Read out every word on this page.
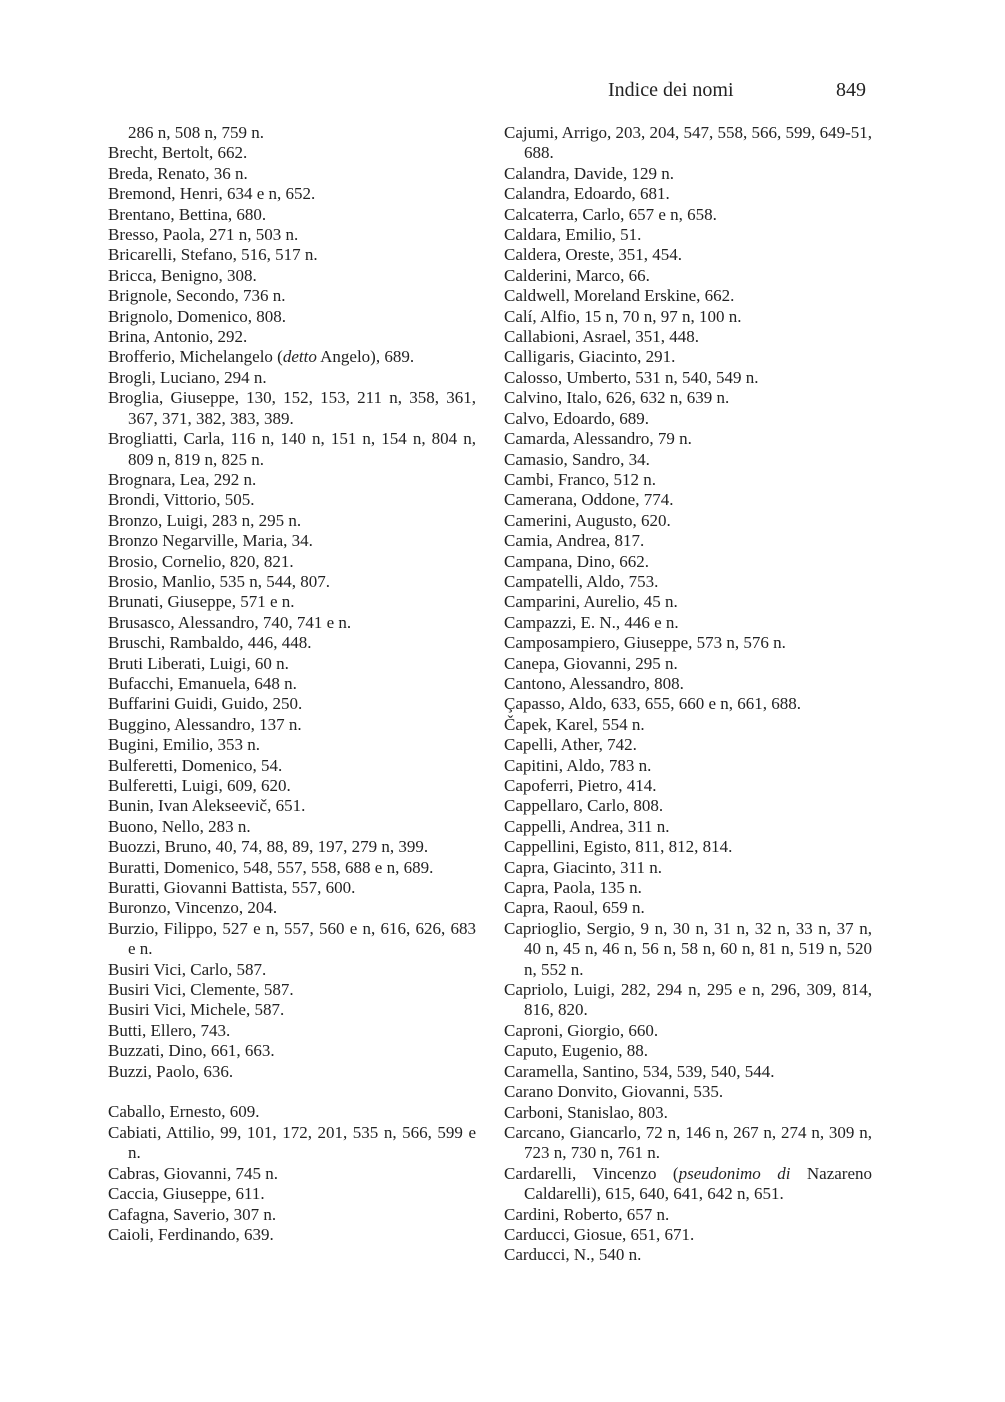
Indice dei nomi	849
286 n, 508 n, 759 n.
Brecht, Bertolt, 662.
Breda, Renato, 36 n.
Bremond, Henri, 634 e n, 652.
Brentano, Bettina, 680.
Bresso, Paola, 271 n, 503 n.
Bricarelli, Stefano, 516, 517 n.
Bricca, Benigno, 308.
Brignole, Secondo, 736 n.
Brignolo, Domenico, 808.
Brina, Antonio, 292.
Brofferio, Michelangelo (detto Angelo), 689.
Brogli, Luciano, 294 n.
Broglia, Giuseppe, 130, 152, 153, 211 n, 358, 361, 367, 371, 382, 383, 389.
Brogliatti, Carla, 116 n, 140 n, 151 n, 154 n, 804 n, 809 n, 819 n, 825 n.
Brognara, Lea, 292 n.
Brondi, Vittorio, 505.
Bronzo, Luigi, 283 n, 295 n.
Bronzo Negarville, Maria, 34.
Brosio, Cornelio, 820, 821.
Brosio, Manlio, 535 n, 544, 807.
Brunati, Giuseppe, 571 e n.
Brusasco, Alessandro, 740, 741 e n.
Bruschi, Rambaldo, 446, 448.
Bruti Liberati, Luigi, 60 n.
Bufacchi, Emanuela, 648 n.
Buffarini Guidi, Guido, 250.
Buggino, Alessandro, 137 n.
Bugini, Emilio, 353 n.
Bulferetti, Domenico, 54.
Bulferetti, Luigi, 609, 620.
Bunin, Ivan Alekseevič, 651.
Buono, Nello, 283 n.
Buozzi, Bruno, 40, 74, 88, 89, 197, 279 n, 399.
Buratti, Domenico, 548, 557, 558, 688 e n, 689.
Buratti, Giovanni Battista, 557, 600.
Buronzo, Vincenzo, 204.
Burzio, Filippo, 527 e n, 557, 560 e n, 616, 626, 683 e n.
Busiri Vici, Carlo, 587.
Busiri Vici, Clemente, 587.
Busiri Vici, Michele, 587.
Butti, Ellero, 743.
Buzzati, Dino, 661, 663.
Buzzi, Paolo, 636.
Caballo, Ernesto, 609.
Cabiati, Attilio, 99, 101, 172, 201, 535 n, 566, 599 e n.
Cabras, Giovanni, 745 n.
Caccia, Giuseppe, 611.
Cafagna, Saverio, 307 n.
Caioli, Ferdinando, 639.
Cajumi, Arrigo, 203, 204, 547, 558, 566, 599, 649-51, 688.
Calandra, Davide, 129 n.
Calandra, Edoardo, 681.
Calcaterra, Carlo, 657 e n, 658.
Caldara, Emilio, 51.
Caldera, Oreste, 351, 454.
Calderini, Marco, 66.
Caldwell, Moreland Erskine, 662.
Calí, Alfio, 15 n, 70 n, 97 n, 100 n.
Callabioni, Asrael, 351, 448.
Calligaris, Giacinto, 291.
Calosso, Umberto, 531 n, 540, 549 n.
Calvino, Italo, 626, 632 n, 639 n.
Calvo, Edoardo, 689.
Camarda, Alessandro, 79 n.
Camasio, Sandro, 34.
Cambi, Franco, 512 n.
Camerana, Oddone, 774.
Camerini, Augusto, 620.
Camia, Andrea, 817.
Campana, Dino, 662.
Campatelli, Aldo, 753.
Camparini, Aurelio, 45 n.
Campazzi, E. N., 446 e n.
Camposampiero, Giuseppe, 573 n, 576 n.
Canepa, Giovanni, 295 n.
Cantono, Alessandro, 808.
Çapasso, Aldo, 633, 655, 660 e n, 661, 688.
Čapek, Karel, 554 n.
Capelli, Ather, 742.
Capitini, Aldo, 783 n.
Capoferri, Pietro, 414.
Cappellaro, Carlo, 808.
Cappelli, Andrea, 311 n.
Cappellini, Egisto, 811, 812, 814.
Capra, Giacinto, 311 n.
Capra, Paola, 135 n.
Capra, Raoul, 659 n.
Caprioglio, Sergio, 9 n, 30 n, 31 n, 32 n, 33 n, 37 n, 40 n, 45 n, 46 n, 56 n, 58 n, 60 n, 81 n, 519 n, 520 n, 552 n.
Capriolo, Luigi, 282, 294 n, 295 e n, 296, 309, 814, 816, 820.
Caproni, Giorgio, 660.
Caputo, Eugenio, 88.
Caramella, Santino, 534, 539, 540, 544.
Carano Donvito, Giovanni, 535.
Carboni, Stanislao, 803.
Carcano, Giancarlo, 72 n, 146 n, 267 n, 274 n, 309 n, 723 n, 730 n, 761 n.
Cardarelli, Vincenzo (pseudonimo di Nazareno Caldarelli), 615, 640, 641, 642 n, 651.
Cardini, Roberto, 657 n.
Carducci, Giosue, 651, 671.
Carducci, N., 540 n.
